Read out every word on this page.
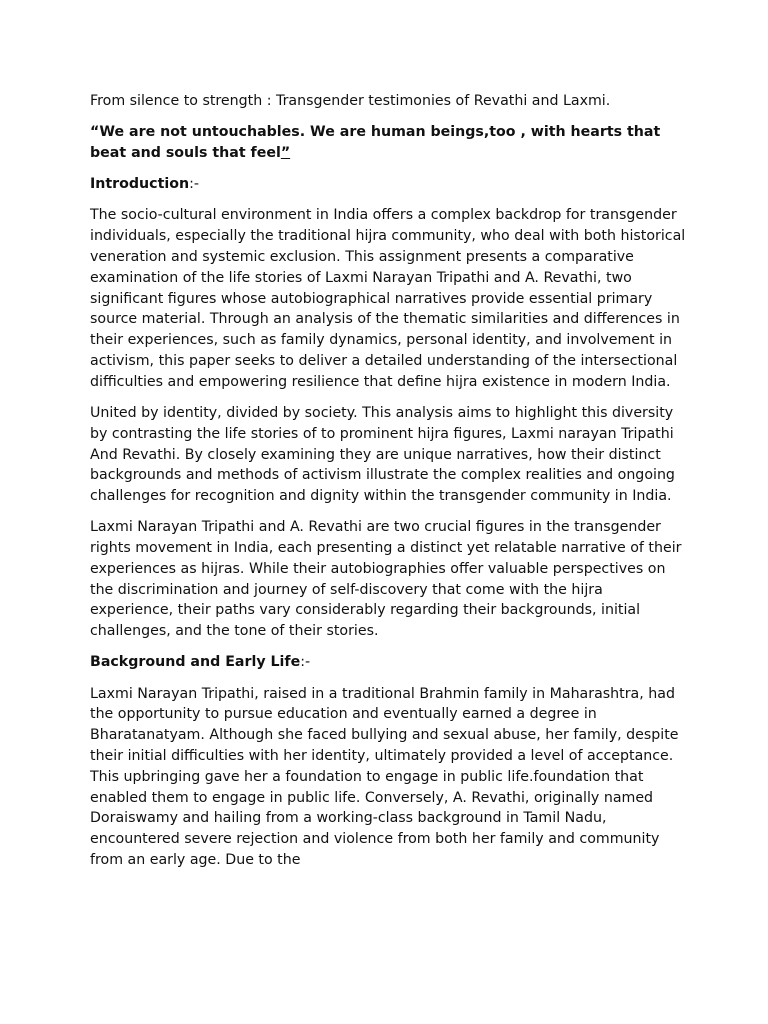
From silence to strength : Transgender testimonies of Revathi and Laxmi.

“We are not untouchables. We are human beings,too , with hearts that beat and souls that feel”

Introduction:-

The socio-cultural environment in India offers a complex backdrop for transgender individuals, especially the traditional hijra community, who deal with both historical veneration and systemic exclusion. This assignment presents a comparative examination of the life stories of Laxmi Narayan Tripathi and A. Revathi, two significant figures whose autobiographical narratives provide essential primary source material. Through an analysis of the thematic similarities and differences in their experiences, such as family dynamics, personal identity, and involvement in activism, this paper seeks to deliver a detailed understanding of the intersectional difficulties and empowering resilience that define hijra existence in modern India.

United by identity, divided by society. This analysis aims to highlight this diversity by contrasting the life stories of to prominent hijra figures, Laxmi narayan Tripathi And Revathi. By closely examining they are unique narratives, how their distinct backgrounds and methods of activism illustrate the complex realities and ongoing challenges for recognition and dignity within the transgender community in India.

Laxmi Narayan Tripathi and A. Revathi are two crucial figures in the transgender rights movement in India, each presenting a distinct yet relatable narrative of their experiences as hijras. While their autobiographies offer valuable perspectives on the discrimination and journey of self-discovery that come with the hijra experience, their paths vary considerably regarding their backgrounds, initial challenges, and the tone of their stories.

Background and Early Life:-

Laxmi Narayan Tripathi, raised in a traditional Brahmin family in Maharashtra, had the opportunity to pursue education and eventually earned a degree in Bharatanatyam. Although she faced bullying and sexual abuse, her family, despite their initial difficulties with her identity, ultimately provided a level of acceptance. This upbringing gave her a foundation to engage in public life.foundation that enabled them to engage in public life. Conversely, A. Revathi, originally named Doraiswamy and hailing from a working-class background in Tamil Nadu, encountered severe rejection and violence from both her family and community from an early age. Due to the
